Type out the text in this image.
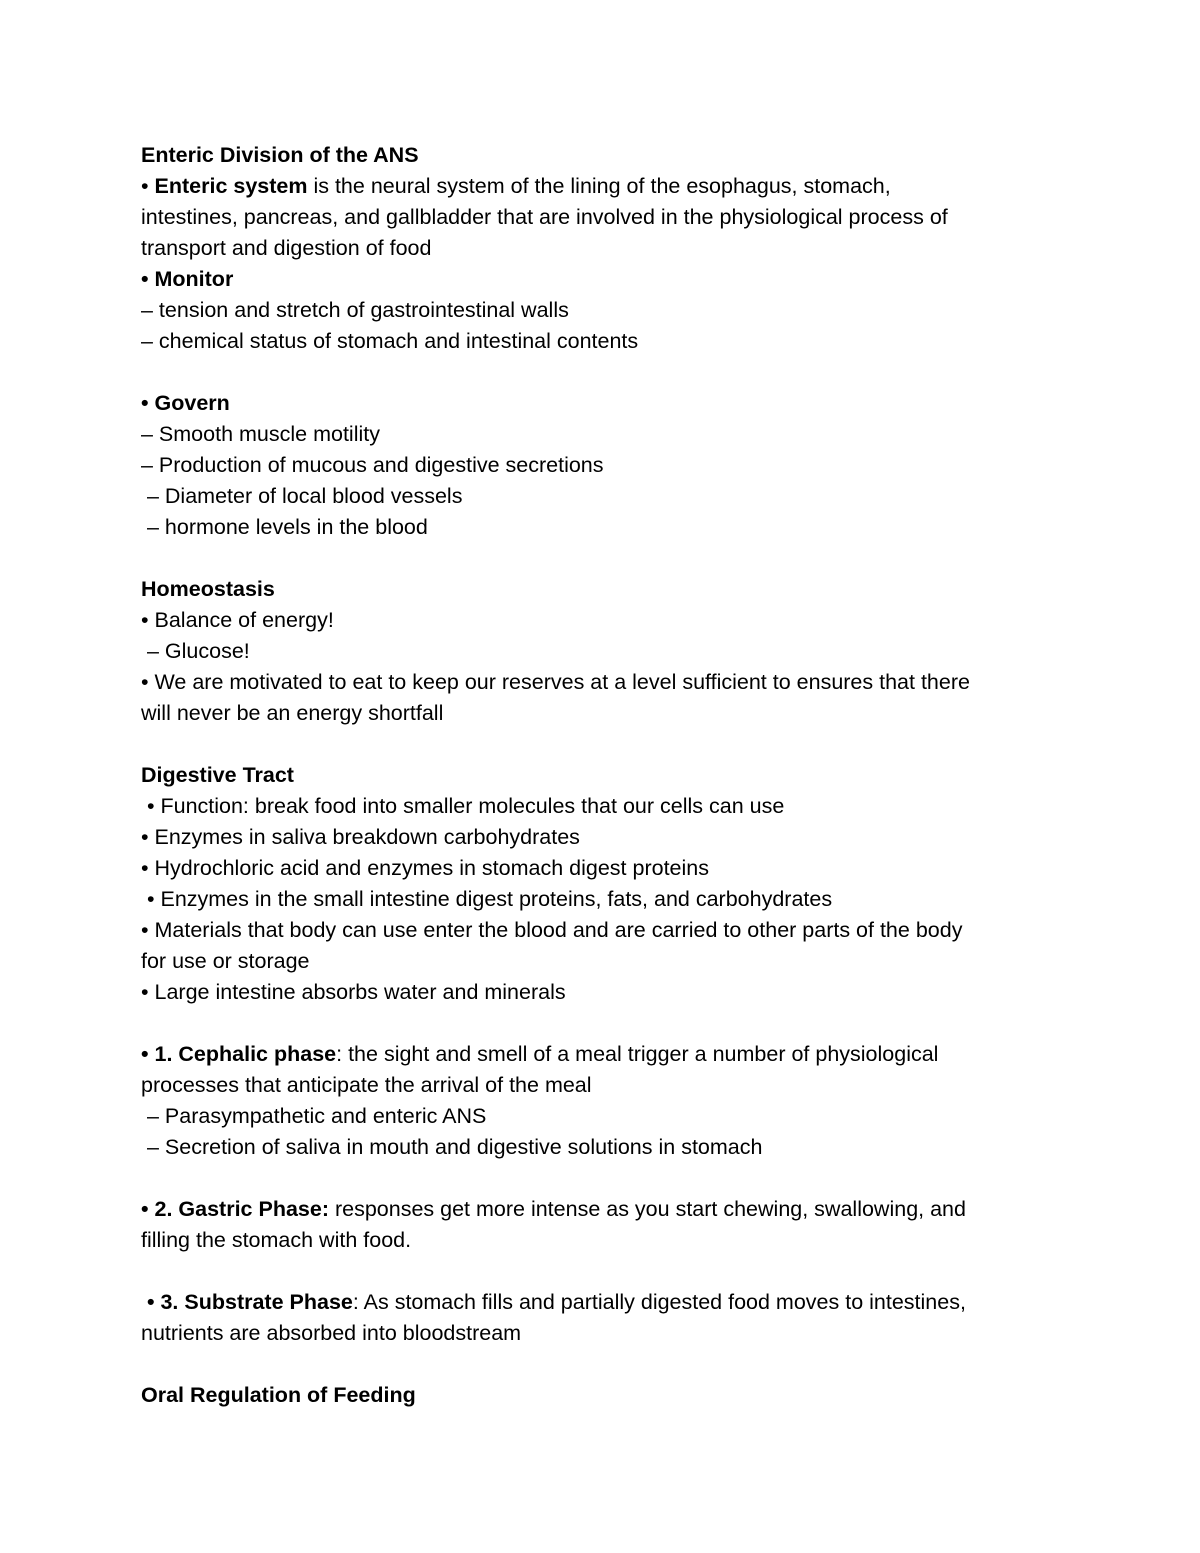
Enteric Division of the ANS
• Enteric system is the neural system of the lining of the esophagus, stomach,
intestines, pancreas, and gallbladder that are involved in the physiological process of
transport and digestion of food
• Monitor
– tension and stretch of gastrointestinal walls
– chemical status of stomach and intestinal contents
• Govern
– Smooth muscle motility
– Production of mucous and digestive secretions
– Diameter of local blood vessels
– hormone levels in the blood
Homeostasis
• Balance of energy!
– Glucose!
• We are motivated to eat to keep our reserves at a level sufficient to ensures that there
will never be an energy shortfall
Digestive Tract
• Function: break food into smaller molecules that our cells can use
• Enzymes in saliva breakdown carbohydrates
• Hydrochloric acid and enzymes in stomach digest proteins
• Enzymes in the small intestine digest proteins, fats, and carbohydrates
• Materials that body can use enter the blood and are carried to other parts of the body
for use or storage
• Large intestine absorbs water and minerals
• 1. Cephalic phase: the sight and smell of a meal trigger a number of physiological
processes that anticipate the arrival of the meal
– Parasympathetic and enteric ANS
– Secretion of saliva in mouth and digestive solutions in stomach
• 2. Gastric Phase: responses get more intense as you start chewing, swallowing, and
filling the stomach with food.
• 3. Substrate Phase: As stomach fills and partially digested food moves to intestines,
nutrients are absorbed into bloodstream
Oral Regulation of Feeding
